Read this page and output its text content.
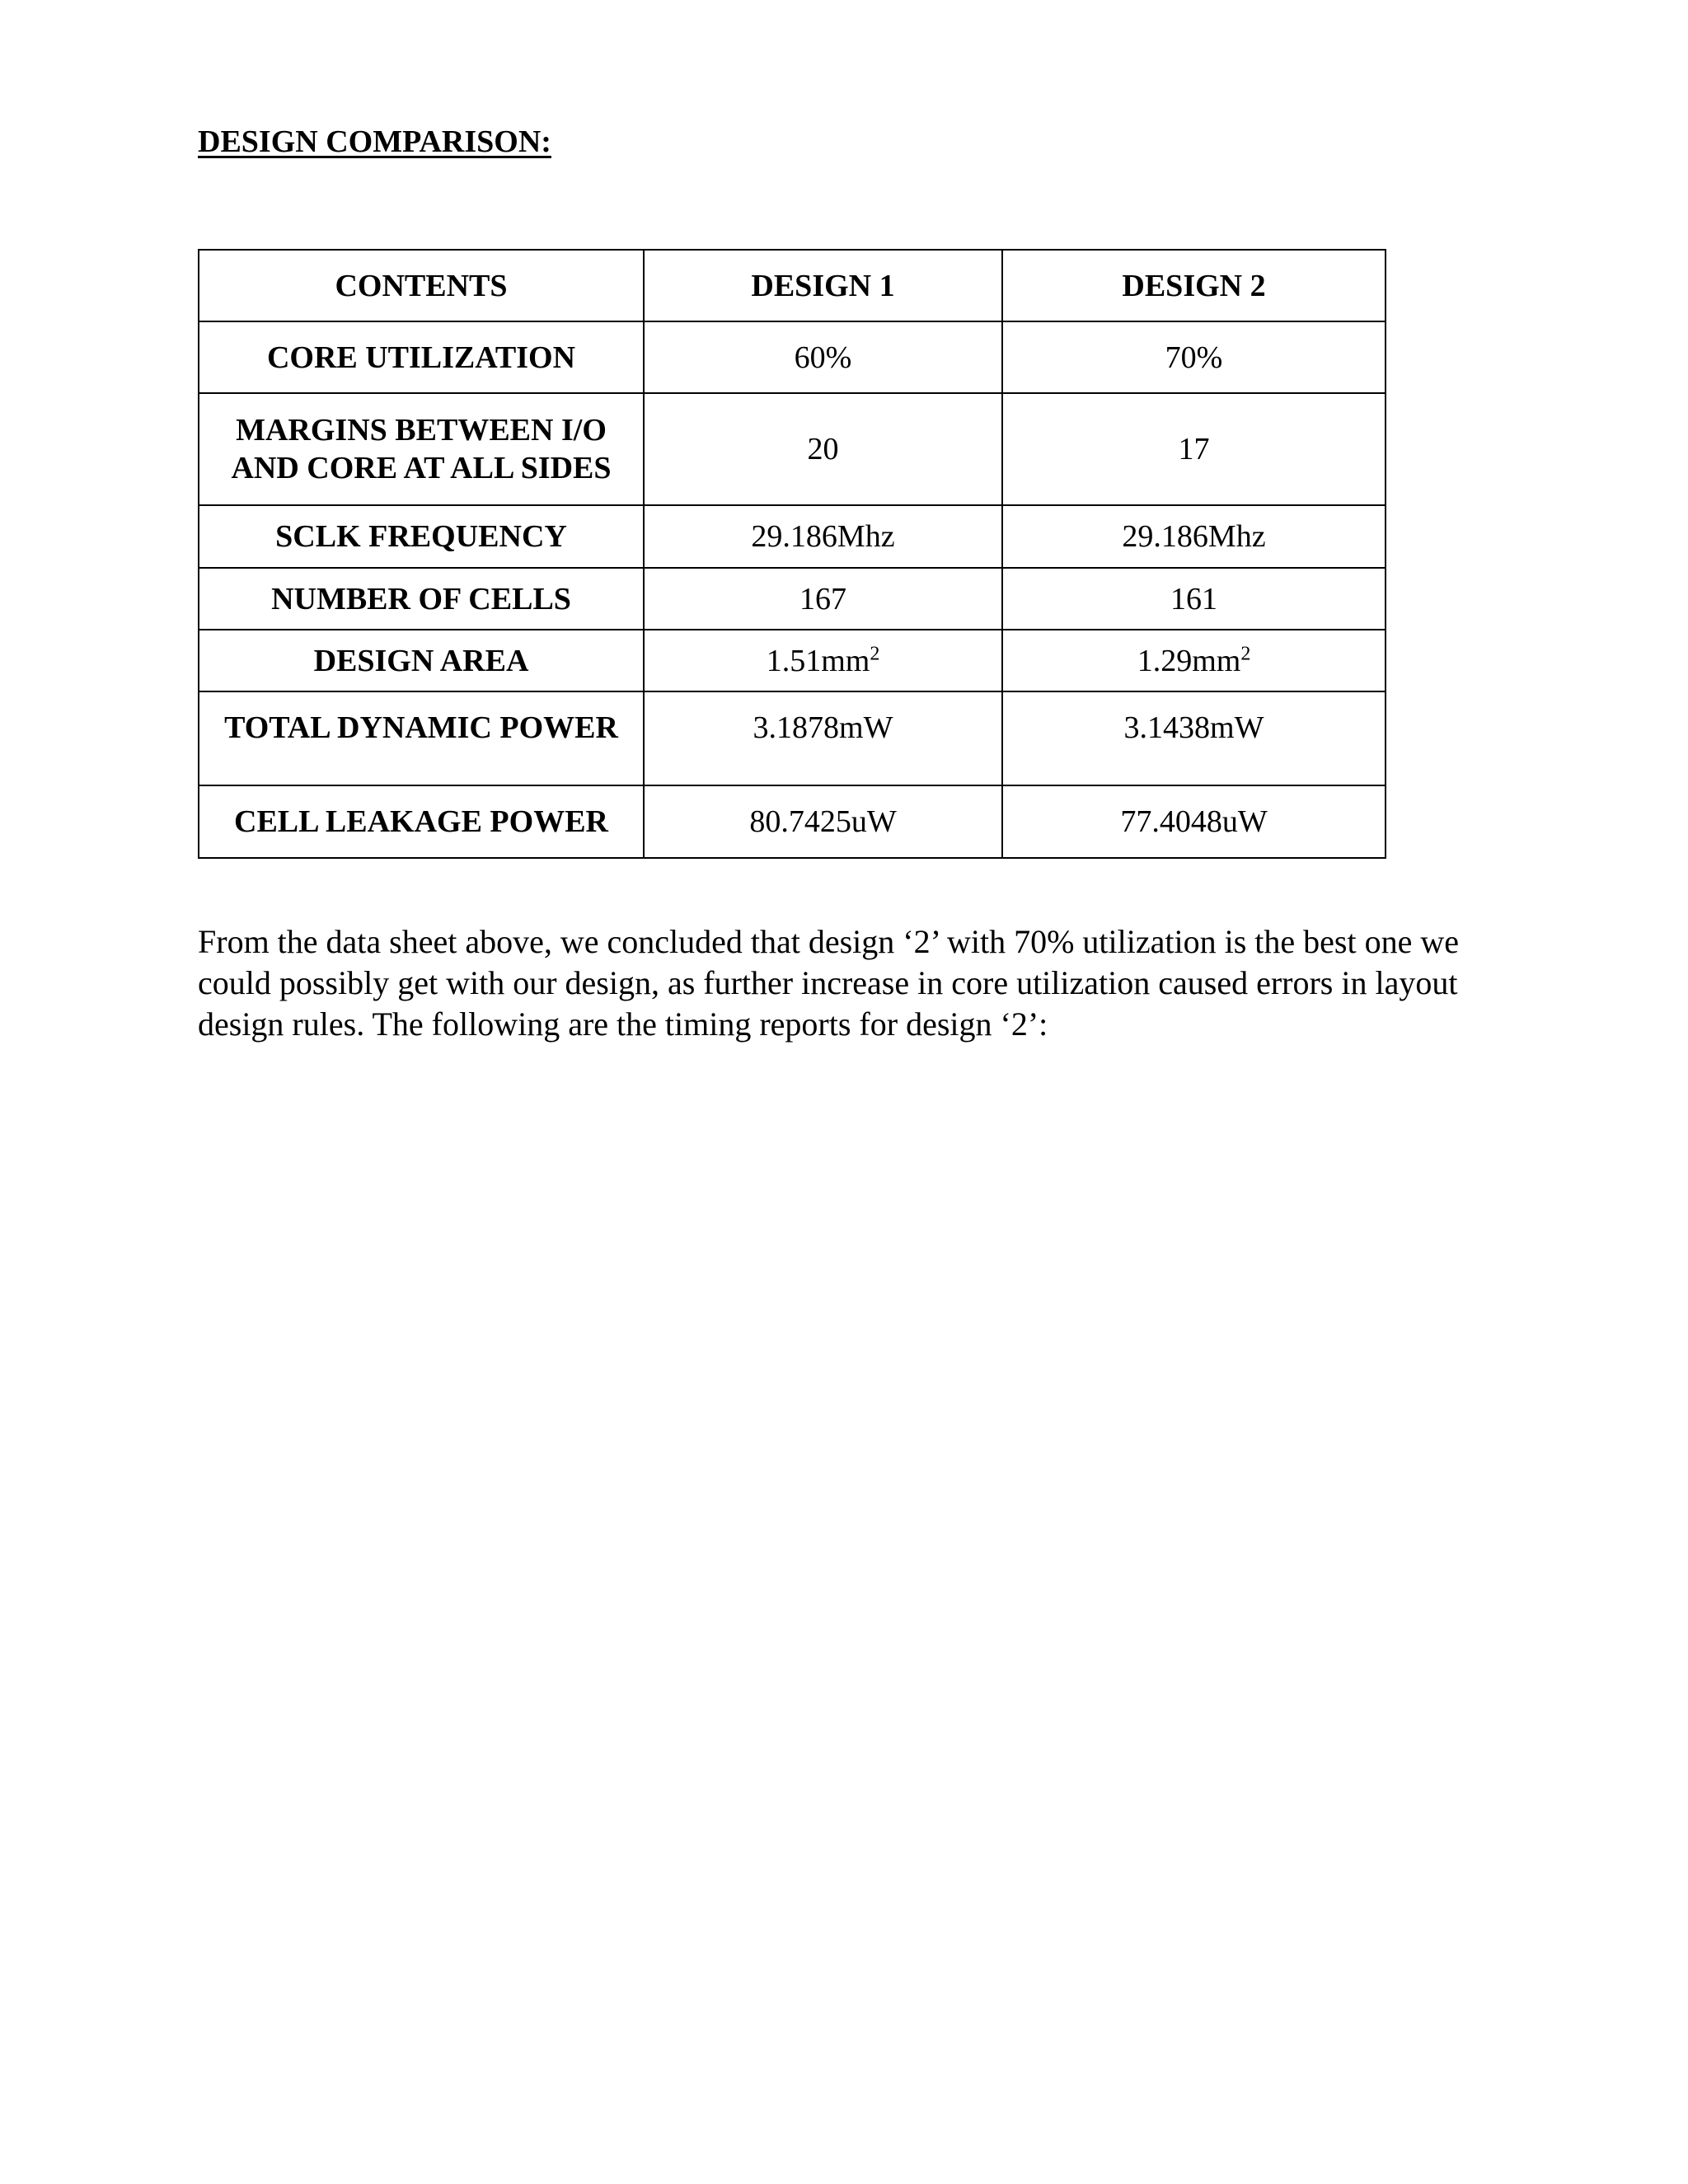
DESIGN COMPARISON:
CONTENTS	DESIGN 1	DESIGN 2
CORE UTILIZATION	60%	70%
MARGINS BETWEEN I/O AND CORE AT ALL SIDES	20	17
SCLK FREQUENCY	29.186Mhz	29.186Mhz
NUMBER OF CELLS	167	161
DESIGN AREA	$1.51mm^2$	$1.29mm^2$
TOTAL DYNAMIC POWER	3.1878mW	3.1438mW
CELL LEAKAGE POWER	80.7425uW	77.4048uW

From the data sheet above, we concluded that design ‘2’ with 70% utilization is the best one we could possibly get with our design, as further increase in core utilization caused errors in layout design rules. The following are the timing reports for design ‘2’:
